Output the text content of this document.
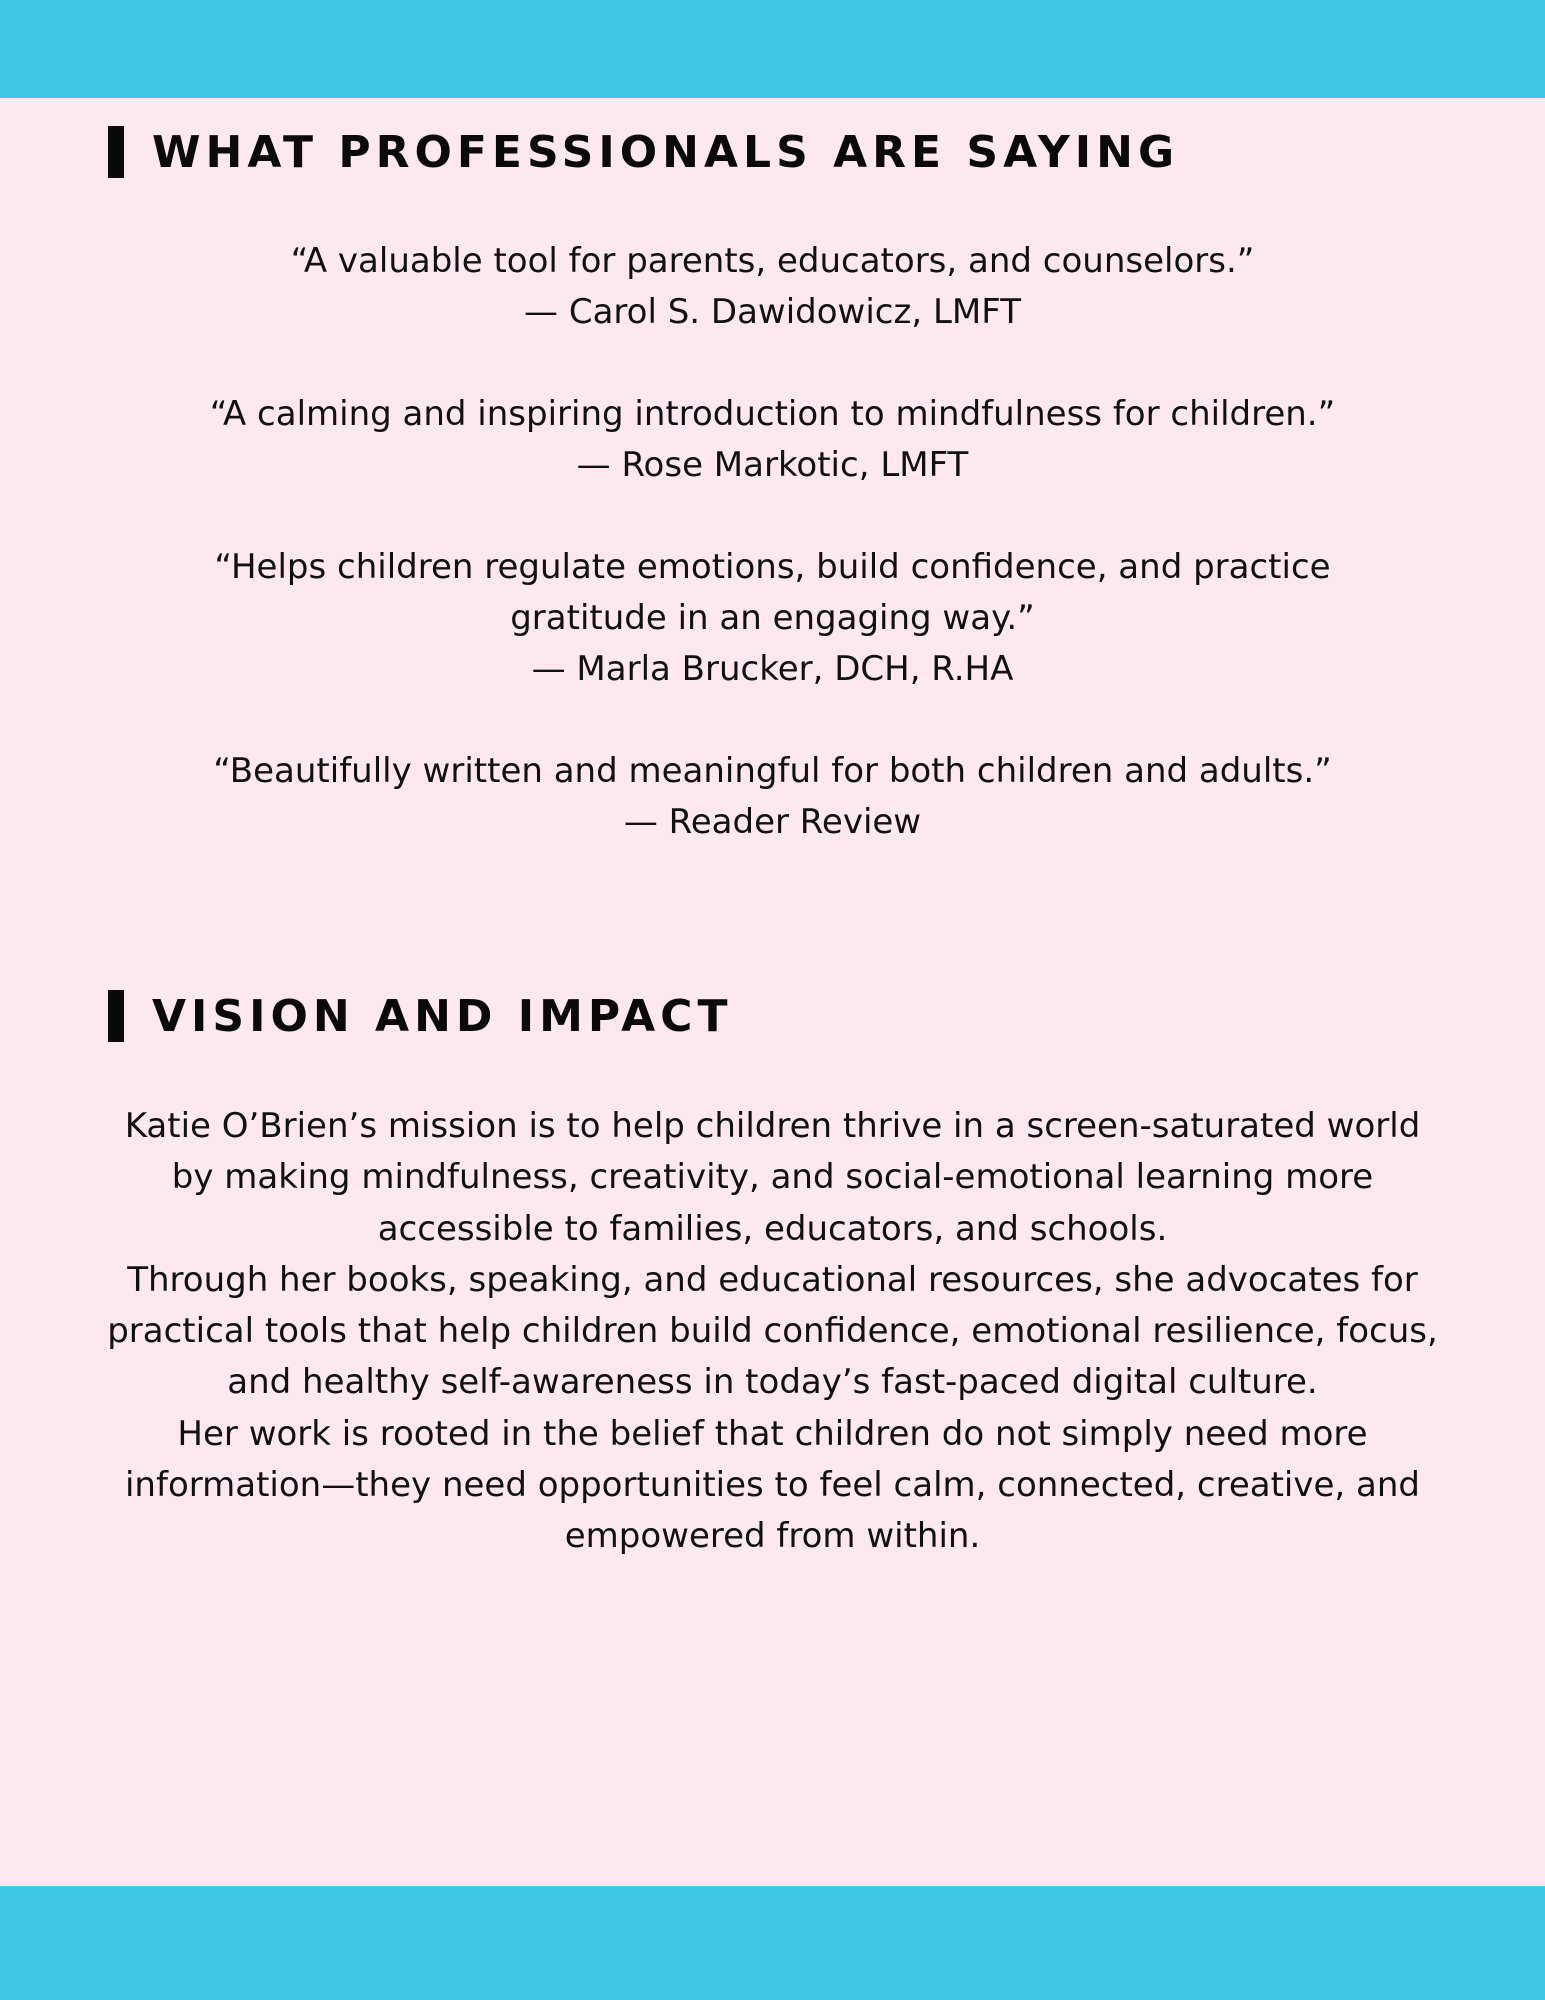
WHAT PROFESSIONALS ARE SAYING
“A valuable tool for parents, educators, and counselors.”
— Carol S. Dawidowicz, LMFT
“A calming and inspiring introduction to mindfulness for children.”
— Rose Markotic, LMFT
“Helps children regulate emotions, build confidence, and practice gratitude in an engaging way.”
— Marla Brucker, DCH, R.HA
“Beautifully written and meaningful for both children and adults.”
— Reader Review
VISION AND IMPACT

Katie O’Brien’s mission is to help children thrive in a screen-saturated world by making mindfulness, creativity, and social-emotional learning more accessible to families, educators, and schools.

Through her books, speaking, and educational resources, she advocates for practical tools that help children build confidence, emotional resilience, focus, and healthy self-awareness in today’s fast-paced digital culture.

Her work is rooted in the belief that children do not simply need more information—they need opportunities to feel calm, connected, creative, and empowered from within.
